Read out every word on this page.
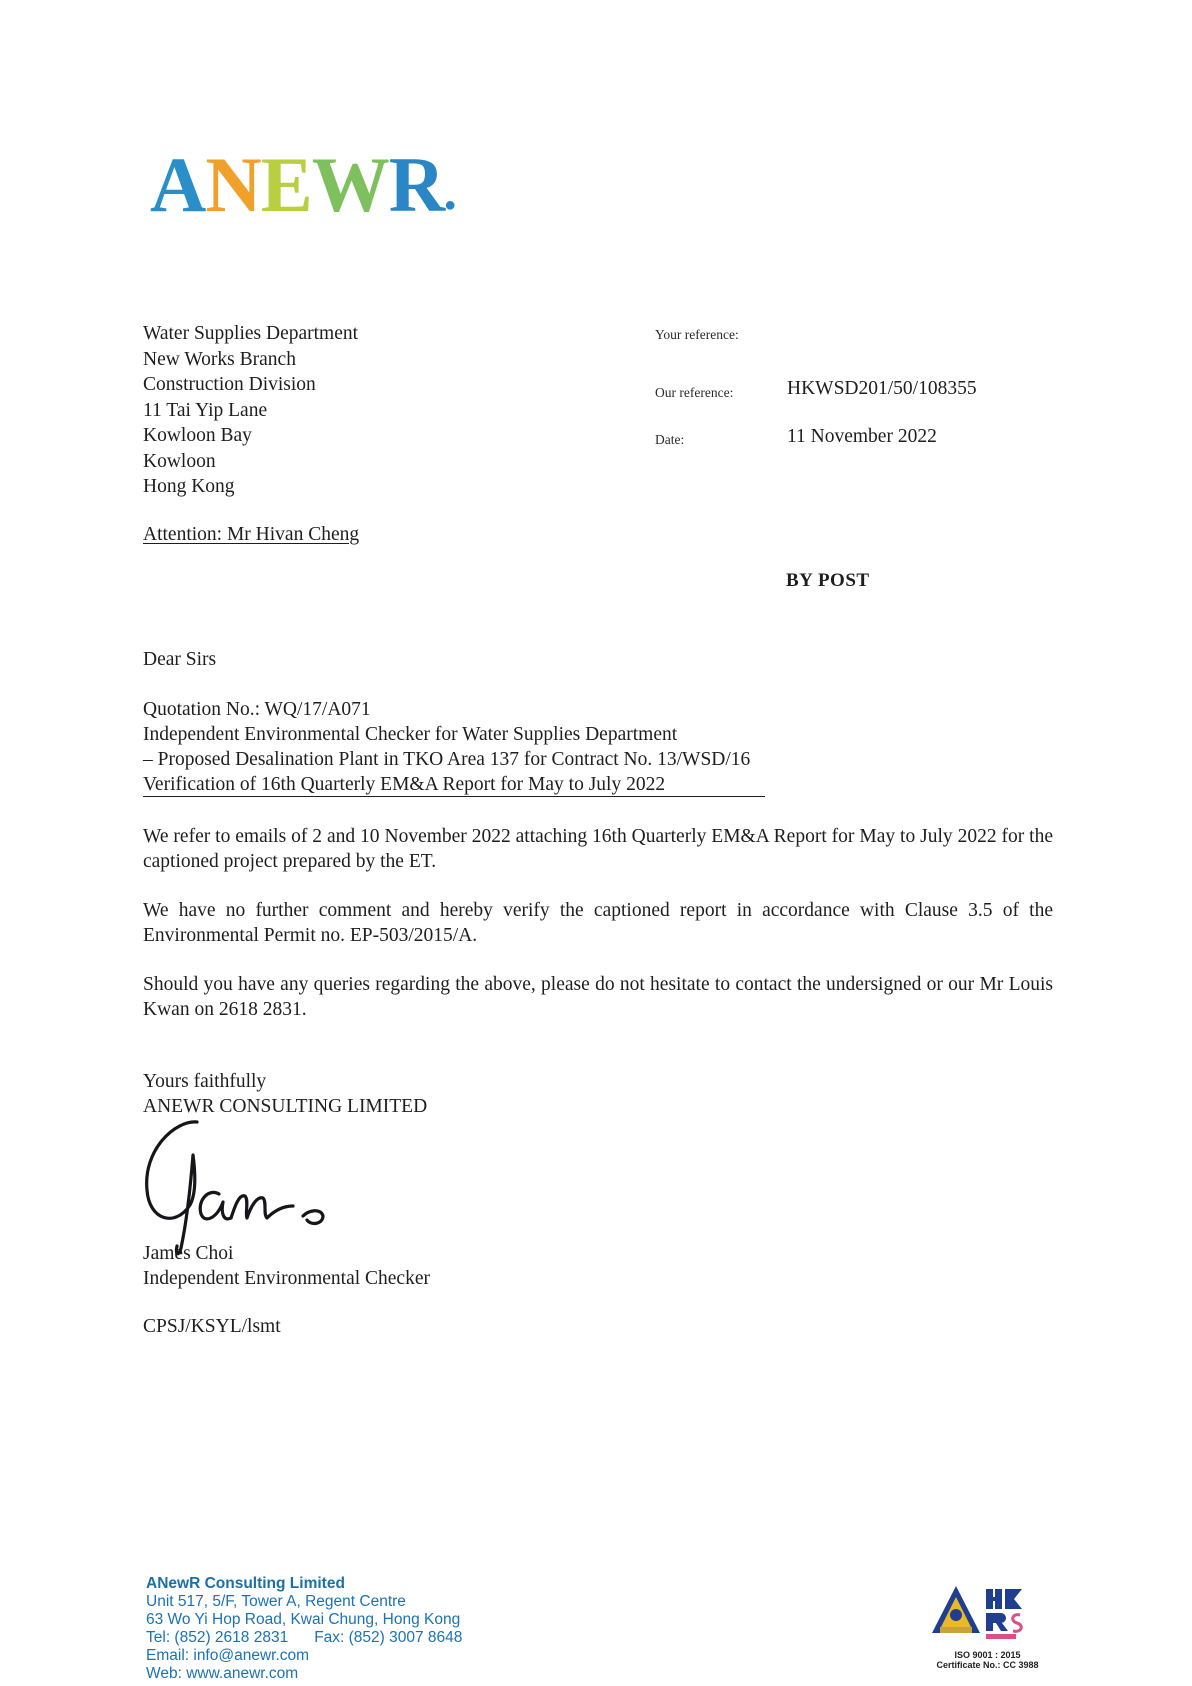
ANEWR●
Water Supplies Department
New Works Branch
Construction Division
11 Tai Yip Lane
Kowloon Bay
Kowloon
Hong Kong
Attention: Mr Hivan Cheng
Your reference:
Our reference:	HKWSD201/50/108355
Date:	11 November 2022
BY POST
Dear Sirs
Quotation No.: WQ/17/A071
Independent Environmental Checker for Water Supplies Department
– Proposed Desalination Plant in TKO Area 137 for Contract No. 13/WSD/16
Verification of 16th Quarterly EM&A Report for May to July 2022
We refer to emails of 2 and 10 November 2022 attaching 16th Quarterly EM&A Report for May to July 2022 for the captioned project prepared by the ET.
We have no further comment and hereby verify the captioned report in accordance with Clause 3.5 of the Environmental Permit no. EP-503/2015/A.
Should you have any queries regarding the above, please do not hesitate to contact the undersigned or our Mr Louis Kwan on 2618 2831.
Yours faithfully
ANEWR CONSULTING LIMITED
James Choi
Independent Environmental Checker
CPSJ/KSYL/lsmt
ANewR Consulting Limited
Unit 517, 5/F, Tower A, Regent Centre
63 Wo Yi Hop Road, Kwai Chung, Hong Kong
Tel: (852) 2618 2831 Fax: (852) 3007 8648
Email: info@anewr.com
Web: www.anewr.com
ISO 9001 : 2015
Certificate No.: CC 3988
